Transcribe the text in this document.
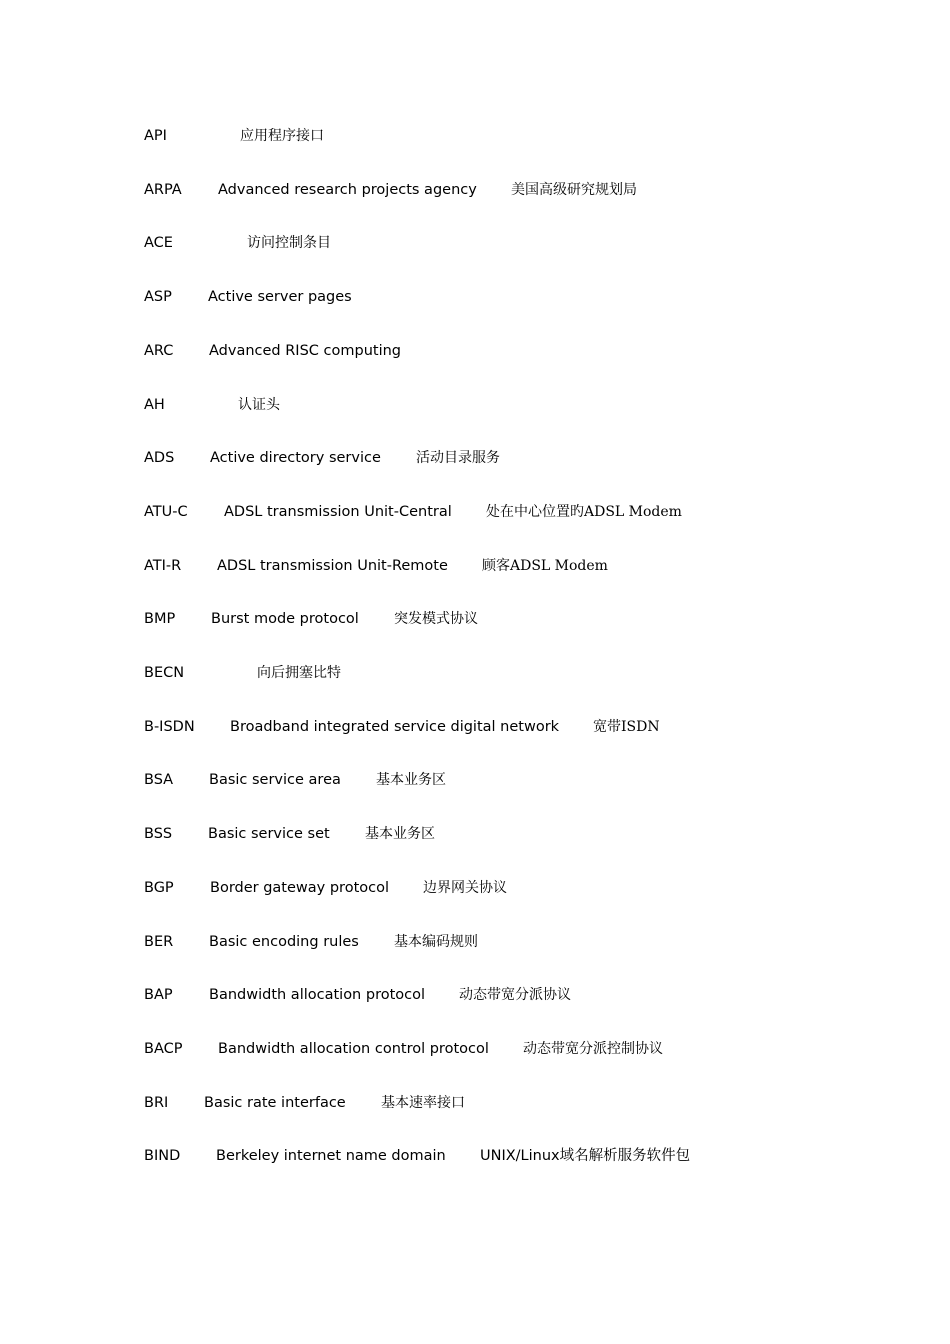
API	应用程序接口
ARPA	Advanced research projects agency 美国高级研究规划局
ACE	访问控制条目
ASP Active server pages
ARC Advanced RISC computing
AH	认证头
ADS Active directory service	活动目录服务
ATU-C	ADSL transmission Unit-Central 处在中心位置旳ADSL Modem
ATI-R ADSL transmission Unit-Remote 顾客ADSL Modem
BMP Burst mode protocol	突发模式协议
BECN	向后拥塞比特
B-ISDN Broadband integrated service digital network 宽带ISDN
BSA Basic service area	基本业务区
BSS Basic service set	基本业务区
BGP	Border gateway protocol 边界网关协议
BER Basic encoding rules	基本编码规则
BAP	Bandwidth allocation protocol 动态带宽分派协议
BACP Bandwidth allocation control protocol 动态带宽分派控制协议
BRI Basic rate interface	基本速率接口
BIND Berkeley internet name domain UNIX/Linux域名解析服务软件包
